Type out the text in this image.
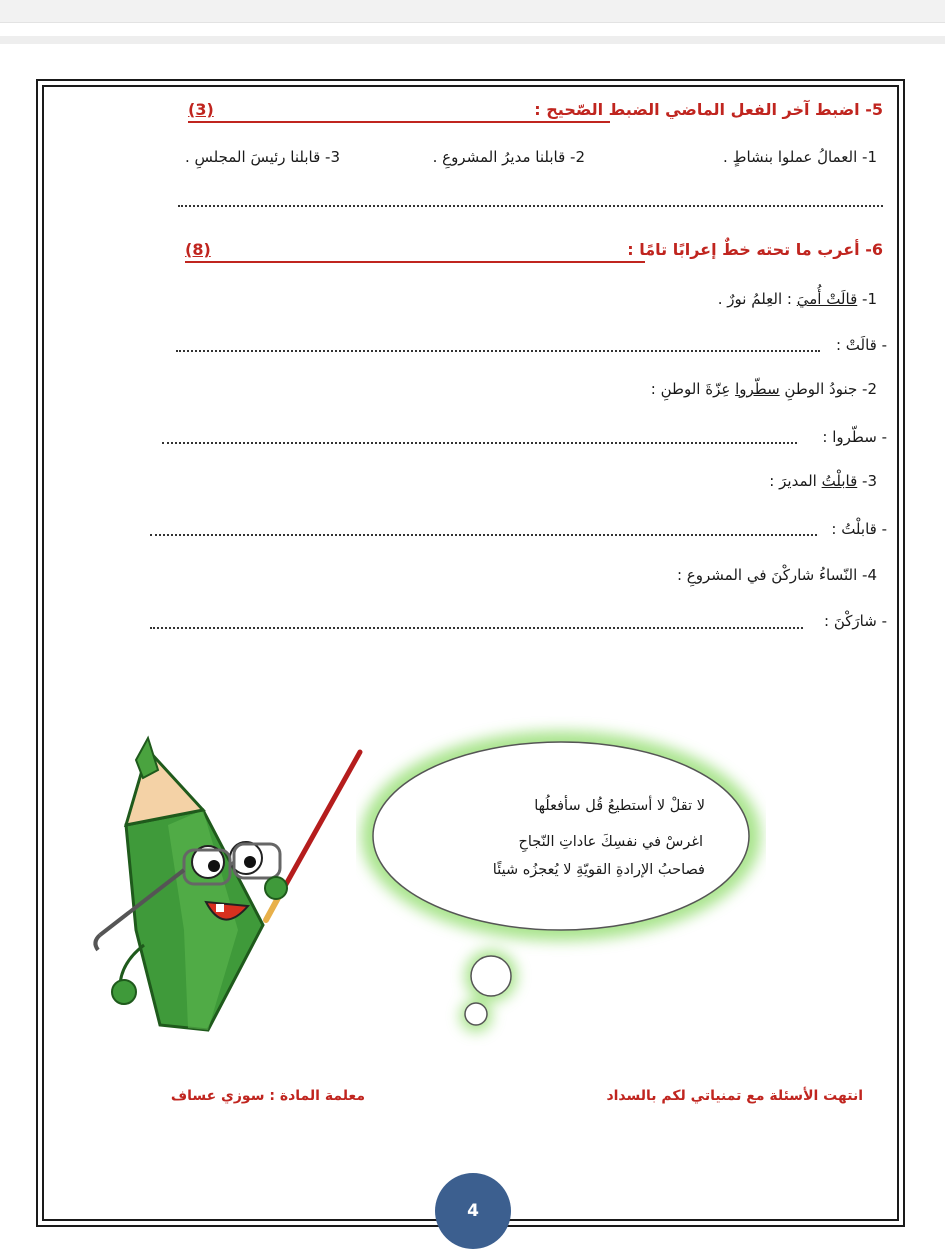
5- اضبط آخر الفعل الماضي الضبط الصّحيح :
(3)
1- العمالُ عملوا بنشاطٍ .
2- قابلنا مديرُ المشروعِ .
3- قابلنا رئيسَ المجلسِ .
6- أعرب ما تحته خطٌ إعرابًا تامًا :
(8)
1- قالَتْ أُميَ : العِلمُ نورٌ .
- قالَتْ :
2- جنودُ الوطنِ سطّروا عِزّةَ الوطنِ :
- سطّروا :
3- قابلْتُ المديرَ :
- قابلْتُ :
4- النّساءُ شاركْنَ في المشروعِ :
- شارَكْنَ :
لا تقلْ لا أستطيعُ قُل سأفعلُها
اغرسْ في نفسِكَ عاداتِ النّجاحِ
فصاحبُ الإرادةِ القويّةِ لا يُعجزُه شيئًا
معلمة المادة : سوزي عساف	انتهت الأسئلة مع تمنياتي لكم بالسداد
4
